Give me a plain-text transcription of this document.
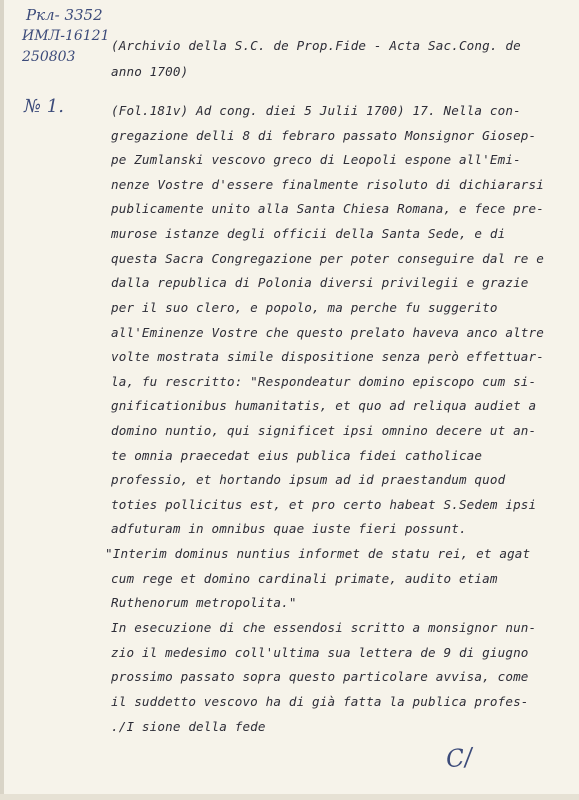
Ркл- 3352
ИМЛ-16121
250803
№ 1.
(Archivio della S.C. de Prop.Fide - Acta Sac.Cong. de
anno 1700)
(Fol.181v) Ad cong. diei 5 Julii 1700) 17. Nella con-
gregazione delli 8 di febraro passato Monsignor Giosep-
pe Zumlanski vescovo greco di Leopoli espone all'Emi-
nenze Vostre d'essere finalmente risoluto di dichiararsi
publicamente unito alla Santa Chiesa Romana, e fece pre-
murose istanze degli officii della Santa Sede, e di
questa Sacra Congregazione per poter conseguire dal re e
dalla republica di Polonia diversi privilegii e grazie
per il suo clero, e popolo, ma perche fu suggerito
all'Eminenze Vostre che questo prelato haveva anco altre
volte mostrata simile dispositione senza però effettuar-
la, fu rescritto: "Respondeatur domino episcopo cum si-
gnificationibus humanitatis, et quo ad reliqua audiet a
domino nuntio, qui significet ipsi omnino decere ut an-
te omnia praecedat eius publica fidei catholicae
professio, et hortando ipsum ad id praestandum quod
toties pollicitus est, et pro certo habeat S.Sedem ipsi
adfuturam in omnibus quae iuste fieri possunt.
"Interim dominus nuntius informet de statu rei, et agat
cum rege et domino cardinali primate, audito etiam
Ruthenorum metropolita."
In esecuzione di che essendosi scritto a monsignor nun-
zio il medesimo coll'ultima sua lettera de 9 di giugno
prossimo passato sopra questo particolare avvisa, come
il suddetto vescovo ha di già fatta la publica profes-
./I sione della fede
C/
